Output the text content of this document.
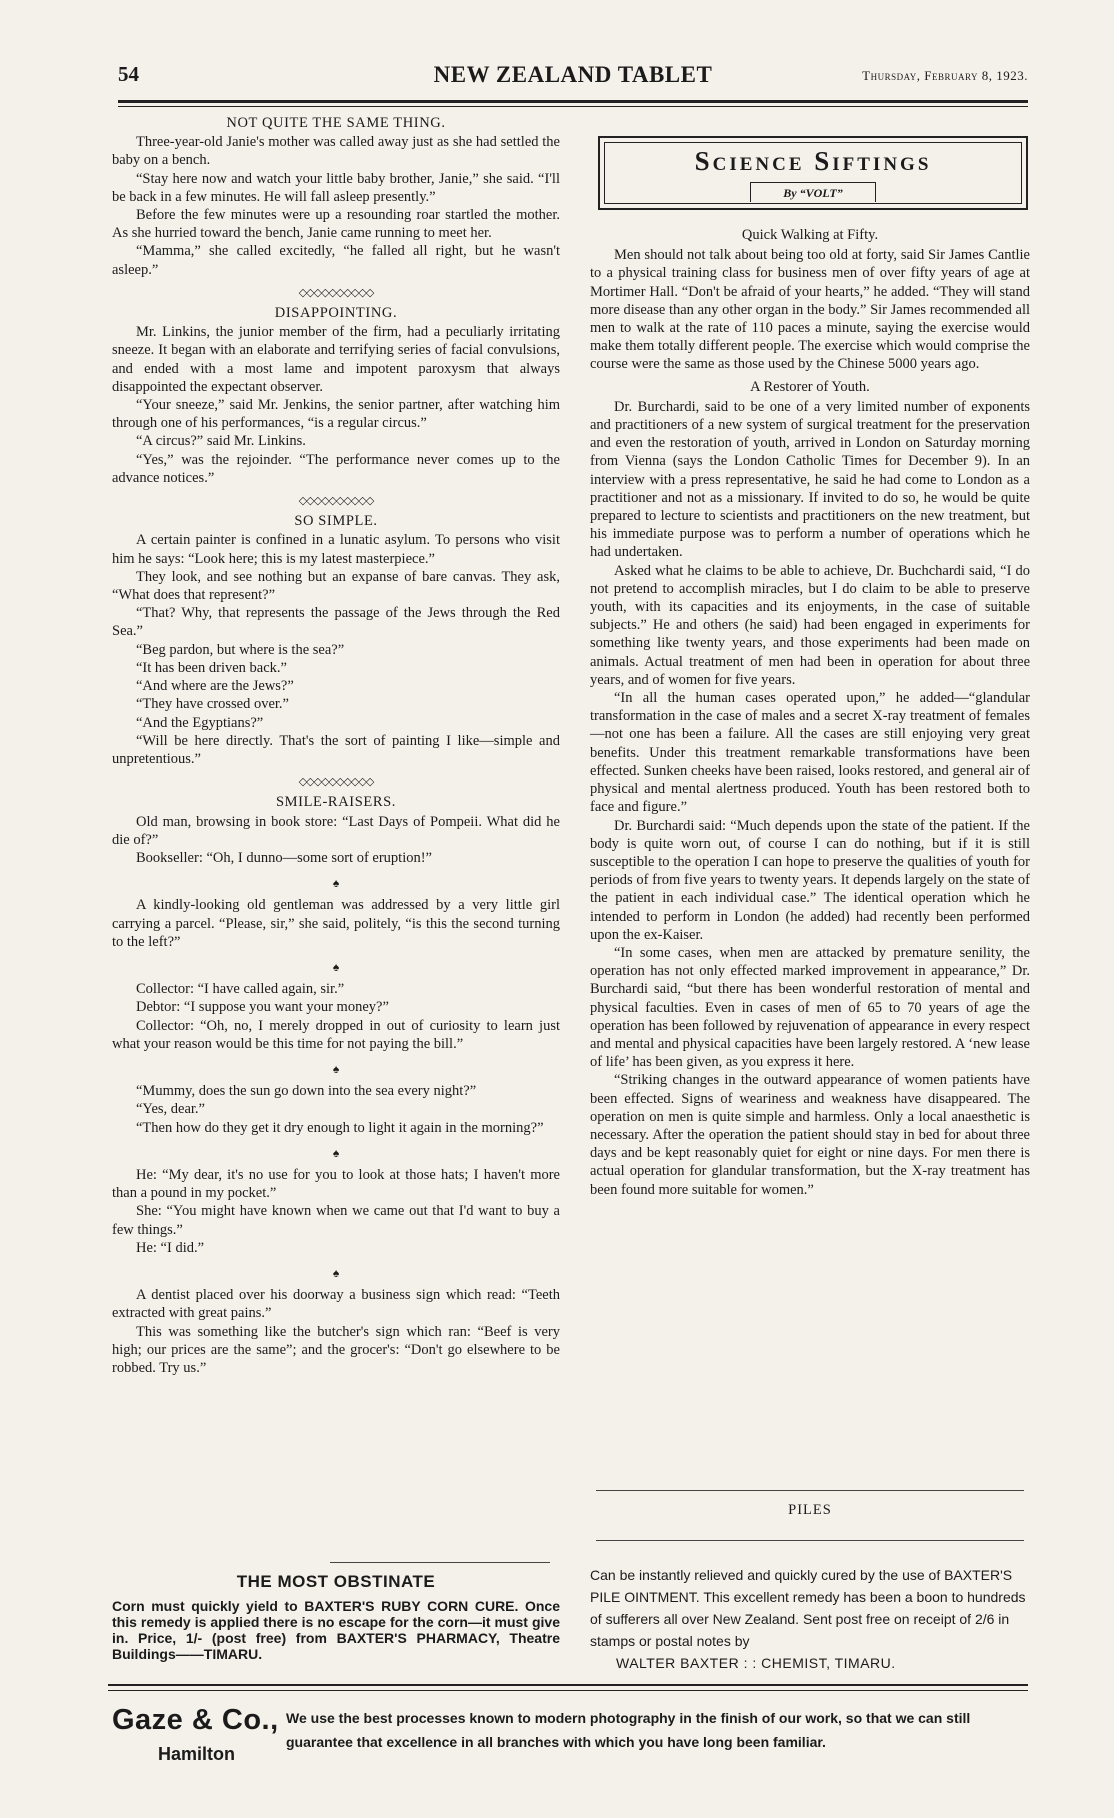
54	NEW ZEALAND TABLET	Thursday, February 8, 1923.
NOT QUITE THE SAME THING.

Three-year-old Janie's mother was called away just as she had settled the baby on a bench.

“Stay here now and watch your little baby brother, Janie,” she said. “I'll be back in a few minutes. He will fall asleep presently.”

Before the few minutes were up a resounding roar startled the mother. As she hurried toward the bench, Janie came running to meet her.

“Mamma,” she called excitedly, “he falled all right, but he wasn't asleep.”

◇◇◇◇◇◇◇◇◇◇
DISAPPOINTING.

Mr. Linkins, the junior member of the firm, had a peculiarly irritating sneeze. It began with an elaborate and terrifying series of facial convulsions, and ended with a most lame and impotent paroxysm that always disappointed the expectant observer.

“Your sneeze,” said Mr. Jenkins, the senior partner, after watching him through one of his performances, “is a regular circus.”

“A circus?” said Mr. Linkins.

“Yes,” was the rejoinder. “The performance never comes up to the advance notices.”

◇◇◇◇◇◇◇◇◇◇
SO SIMPLE.

A certain painter is confined in a lunatic asylum. To persons who visit him he says: “Look here; this is my latest masterpiece.”

They look, and see nothing but an expanse of bare canvas. They ask, “What does that represent?”

“That? Why, that represents the passage of the Jews through the Red Sea.”

“Beg pardon, but where is the sea?”

“It has been driven back.”

“And where are the Jews?”

“They have crossed over.”

“And the Egyptians?”

“Will be here directly. That's the sort of painting I like—simple and unpretentious.”

◇◇◇◇◇◇◇◇◇◇
SMILE-RAISERS.

Old man, browsing in book store: “Last Days of Pompeii. What did he die of?”

Bookseller: “Oh, I dunno—some sort of eruption!”

♠

A kindly-looking old gentleman was addressed by a very little girl carrying a parcel. “Please, sir,” she said, politely, “is this the second turning to the left?”

♠

Collector: “I have called again, sir.”

Debtor: “I suppose you want your money?”

Collector: “Oh, no, I merely dropped in out of curiosity to learn just what your reason would be this time for not paying the bill.”

♠

“Mummy, does the sun go down into the sea every night?”

“Yes, dear.”

“Then how do they get it dry enough to light it again in the morning?”

♠

He: “My dear, it's no use for you to look at those hats; I haven't more than a pound in my pocket.”

She: “You might have known when we came out that I'd want to buy a few things.”

He: “I did.”

♠

A dentist placed over his doorway a business sign which read: “Teeth extracted with great pains.”

This was something like the butcher's sign which ran: “Beef is very high; our prices are the same”; and the grocer's: “Don't go elsewhere to be robbed. Try us.”

THE MOST OBSTINATE

Corn must quickly yield to BAXTER'S RUBY CORN CURE. Once this remedy is applied there is no escape for the corn—it must give in. Price, 1/- (post free) from BAXTER'S PHARMACY, Theatre Buildings——TIMARU.

Science Siftings
By “VOLT”
Quick Walking at Fifty.

Men should not talk about being too old at forty, said Sir James Cantlie to a physical training class for business men of over fifty years of age at Mortimer Hall. “Don't be afraid of your hearts,” he added. “They will stand more disease than any other organ in the body.” Sir James recommended all men to walk at the rate of 110 paces a minute, saying the exercise would make them totally different people. The exercise which would comprise the course were the same as those used by the Chinese 5000 years ago.

A Restorer of Youth.

Dr. Burchardi, said to be one of a very limited number of exponents and practitioners of a new system of surgical treatment for the preservation and even the restoration of youth, arrived in London on Saturday morning from Vienna (says the London Catholic Times for December 9). In an interview with a press representative, he said he had come to London as a practitioner and not as a missionary. If invited to do so, he would be quite prepared to lecture to scientists and practitioners on the new treatment, but his immediate purpose was to perform a number of operations which he had undertaken.

Asked what he claims to be able to achieve, Dr. Buchchardi said, “I do not pretend to accomplish miracles, but I do claim to be able to preserve youth, with its capacities and its enjoyments, in the case of suitable subjects.” He and others (he said) had been engaged in experiments for something like twenty years, and those experiments had been made on animals. Actual treatment of men had been in operation for about three years, and of women for five years.

“In all the human cases operated upon,” he added—“glandular transformation in the case of males and a secret X-ray treatment of females—not one has been a failure. All the cases are still enjoying very great benefits. Under this treatment remarkable transformations have been effected. Sunken cheeks have been raised, looks restored, and general air of physical and mental alertness produced. Youth has been restored both to face and figure.”

Dr. Burchardi said: “Much depends upon the state of the patient. If the body is quite worn out, of course I can do nothing, but if it is still susceptible to the operation I can hope to preserve the qualities of youth for periods of from five years to twenty years. It depends largely on the state of the patient in each individual case.” The identical operation which he intended to perform in London (he added) had recently been performed upon the ex-Kaiser.

“In some cases, when men are attacked by premature senility, the operation has not only effected marked improvement in appearance,” Dr. Burchardi said, “but there has been wonderful restoration of mental and physical faculties. Even in cases of men of 65 to 70 years of age the operation has been followed by rejuvenation of appearance in every respect and mental and physical capacities have been largely restored. A ‘new lease of life’ has been given, as you express it here.

“Striking changes in the outward appearance of women patients have been effected. Signs of weariness and weakness have disappeared. The operation on men is quite simple and harmless. Only a local anaesthetic is necessary. After the operation the patient should stay in bed for about three days and be kept reasonably quiet for eight or nine days. For men there is actual operation for glandular transformation, but the X-ray treatment has been found more suitable for women.”

PILES

Can be instantly relieved and quickly cured by the use of BAXTER'S PILE OINTMENT. This excellent remedy has been a boon to hundreds of sufferers all over New Zealand. Sent post free on receipt of 2/6 in stamps or postal notes by

WALTER BAXTER : : CHEMIST, TIMARU.

Gaze & Co.,
Hamilton
We use the best processes known to modern photography in the finish of our work, so that we can still guarantee that excellence in all branches with which you have long been familiar.
